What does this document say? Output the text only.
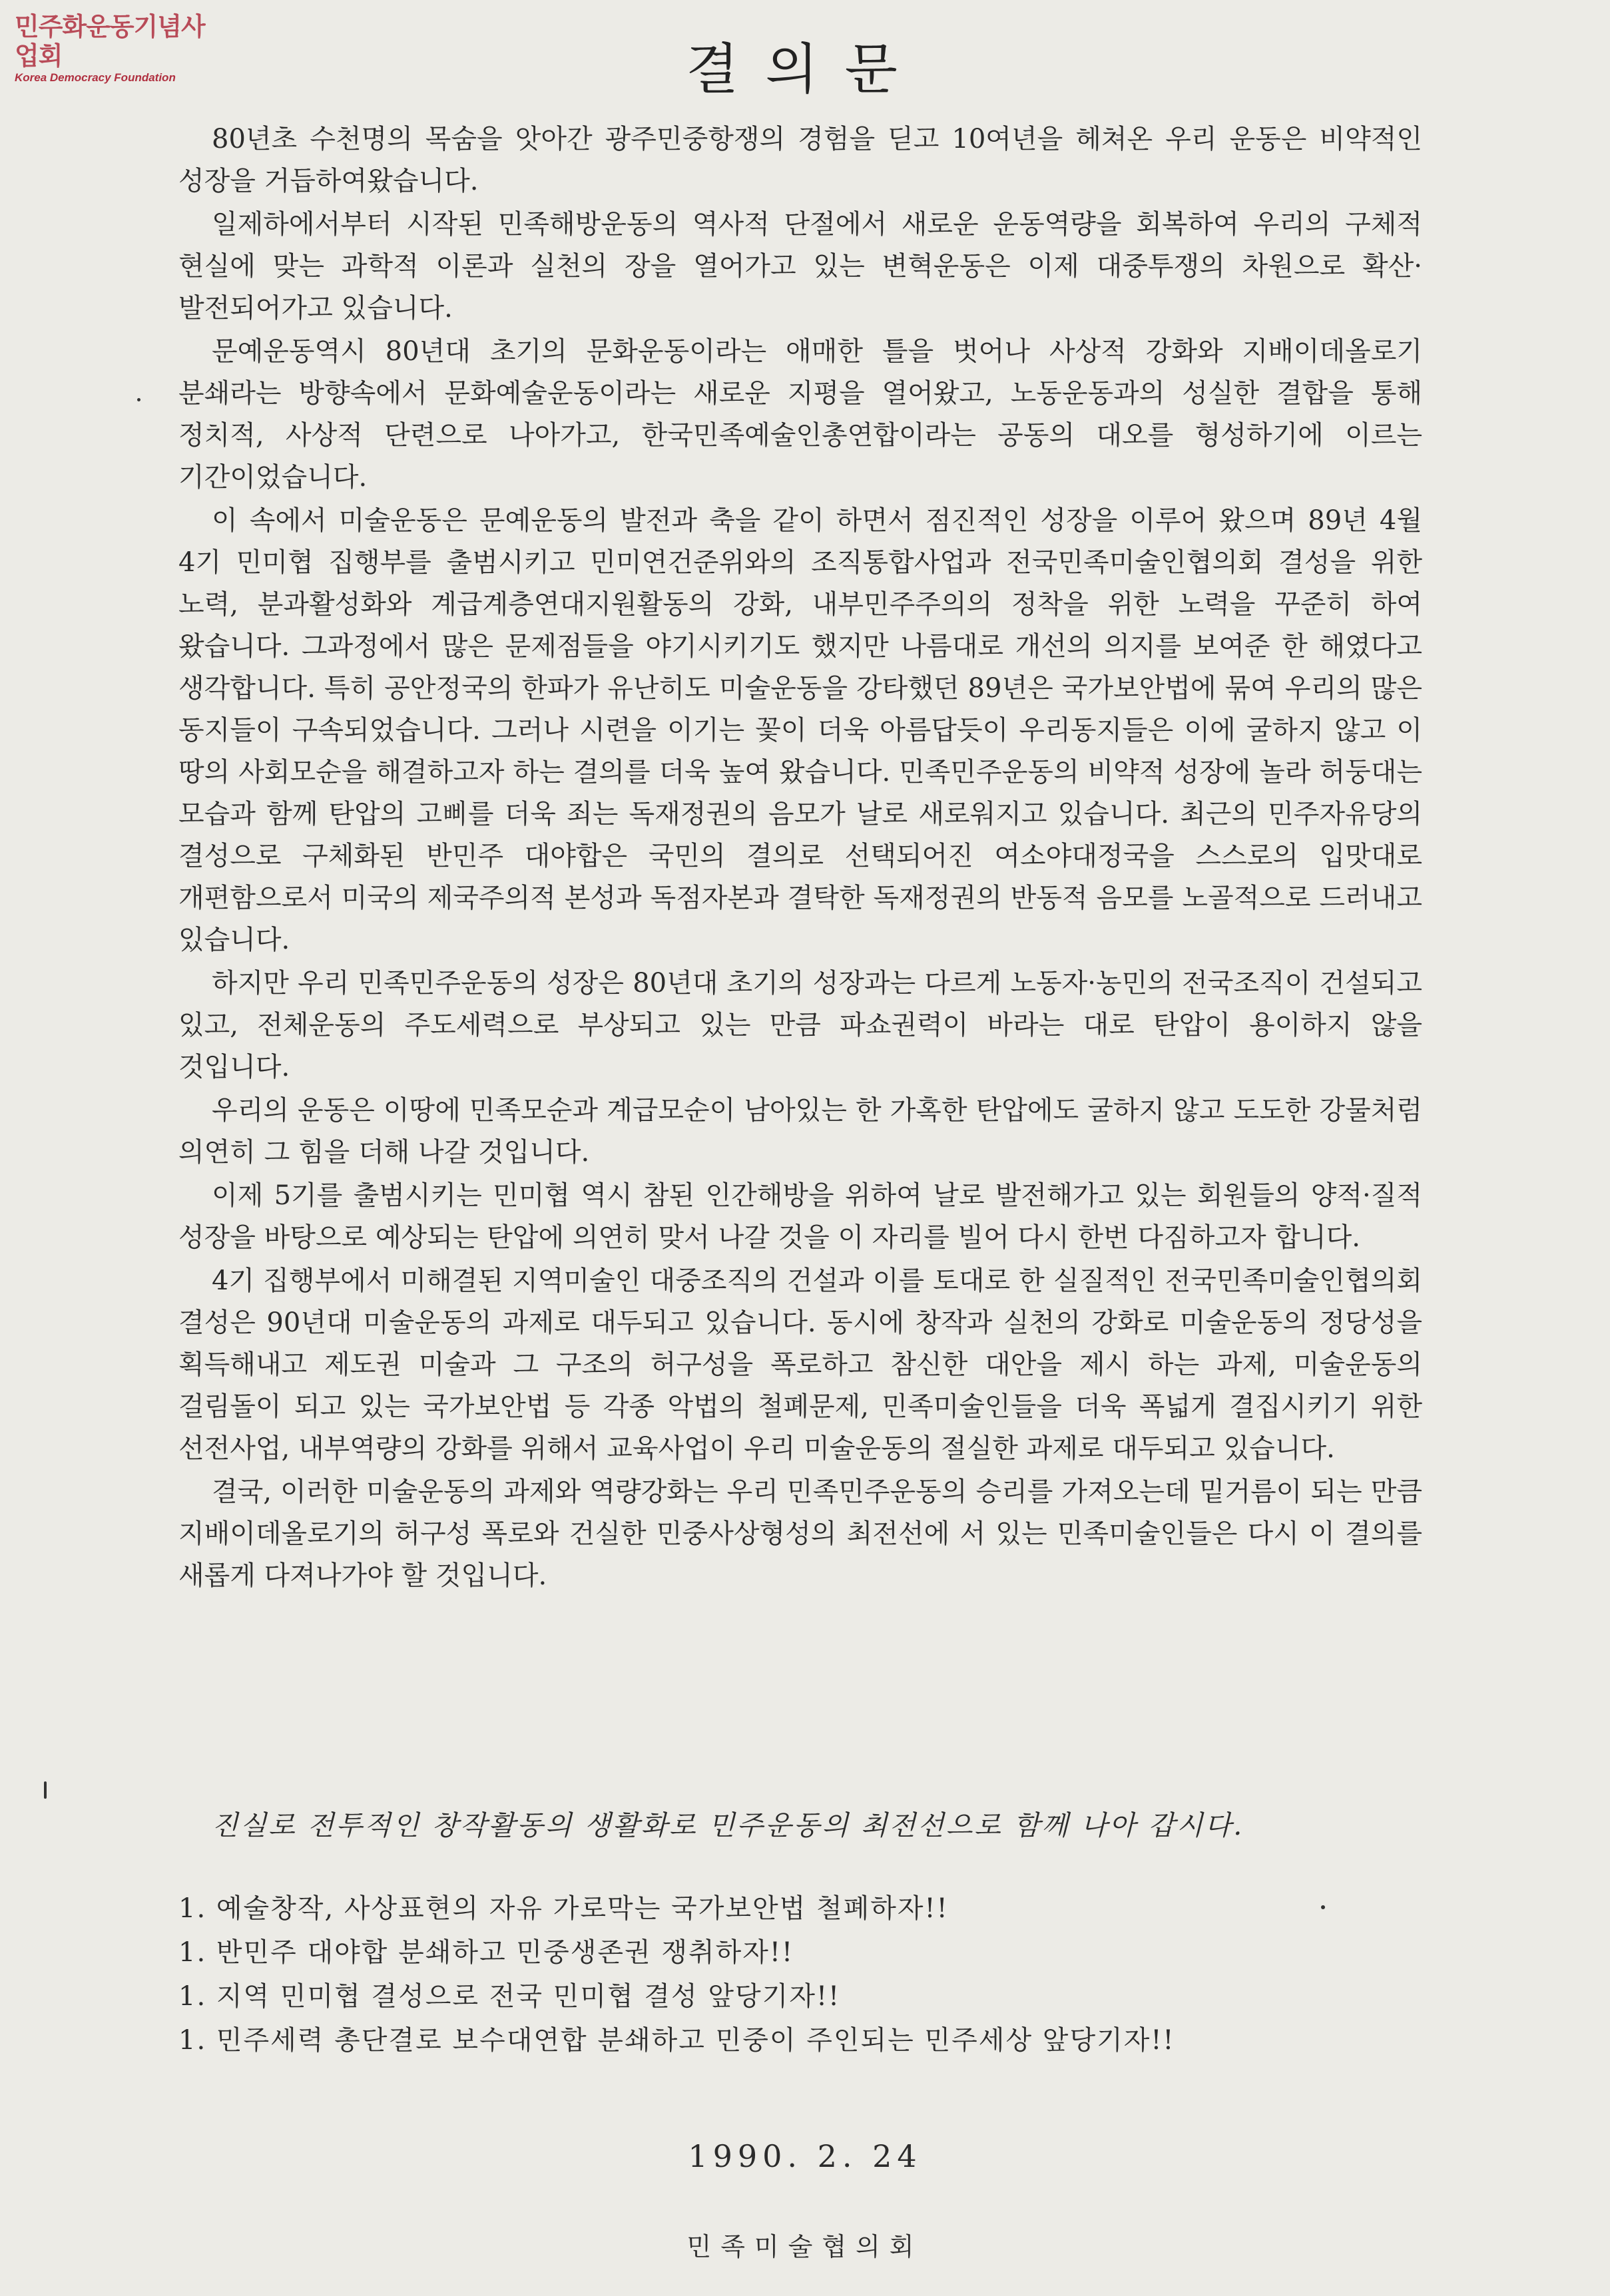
민주화운동기념사업회
Korea Democracy Foundation	결의문

80년초 수천명의 목숨을 앗아간 광주민중항쟁의 경험을 딛고 10여년을 헤쳐온 우리 운동은 비약적인 성장을 거듭하여왔습니다.

일제하에서부터 시작된 민족해방운동의 역사적 단절에서 새로운 운동역량을 회복하여 우리의 구체적 현실에 맞는 과학적 이론과 실천의 장을 열어가고 있는 변혁운동은 이제 대중투쟁의 차원으로 확산·발전되어가고 있습니다.

문예운동역시 80년대 초기의 문화운동이라는 애매한 틀을 벗어나 사상적 강화와 지배이데올로기 분쇄라는 방향속에서 문화예술운동이라는 새로운 지평을 열어왔고, 노동운동과의 성실한 결합을 통해 정치적, 사상적 단련으로 나아가고, 한국민족예술인총연합이라는 공동의 대오를 형성하기에 이르는 기간이었습니다.

이 속에서 미술운동은 문예운동의 발전과 축을 같이 하면서 점진적인 성장을 이루어 왔으며 89년 4월 4기 민미협 집행부를 출범시키고 민미연건준위와의 조직통합사업과 전국민족미술인협의회 결성을 위한 노력, 분과활성화와 계급계층연대지원활동의 강화, 내부민주주의의 정착을 위한 노력을 꾸준히 하여 왔습니다. 그과정에서 많은 문제점들을 야기시키기도 했지만 나름대로 개선의 의지를 보여준 한 해였다고 생각합니다. 특히 공안정국의 한파가 유난히도 미술운동을 강타했던 89년은 국가보안법에 묶여 우리의 많은 동지들이 구속되었습니다. 그러나 시련을 이기는 꽃이 더욱 아름답듯이 우리동지들은 이에 굴하지 않고 이 땅의 사회모순을 해결하고자 하는 결의를 더욱 높여 왔습니다. 민족민주운동의 비약적 성장에 놀라 허둥대는 모습과 함께 탄압의 고삐를 더욱 죄는 독재정권의 음모가 날로 새로워지고 있습니다. 최근의 민주자유당의 결성으로 구체화된 반민주 대야합은 국민의 결의로 선택되어진 여소야대정국을 스스로의 입맛대로 개편함으로서 미국의 제국주의적 본성과 독점자본과 결탁한 독재정권의 반동적 음모를 노골적으로 드러내고 있습니다.

하지만 우리 민족민주운동의 성장은 80년대 초기의 성장과는 다르게 노동자·농민의 전국조직이 건설되고 있고, 전체운동의 주도세력으로 부상되고 있는 만큼 파쇼권력이 바라는 대로 탄압이 용이하지 않을 것입니다.

우리의 운동은 이땅에 민족모순과 계급모순이 남아있는 한 가혹한 탄압에도 굴하지 않고 도도한 강물처럼 의연히 그 힘을 더해 나갈 것입니다.

이제 5기를 출범시키는 민미협 역시 참된 인간해방을 위하여 날로 발전해가고 있는 회원들의 양적·질적 성장을 바탕으로 예상되는 탄압에 의연히 맞서 나갈 것을 이 자리를 빌어 다시 한번 다짐하고자 합니다.

4기 집행부에서 미해결된 지역미술인 대중조직의 건설과 이를 토대로 한 실질적인 전국민족미술인협의회 결성은 90년대 미술운동의 과제로 대두되고 있습니다. 동시에 창작과 실천의 강화로 미술운동의 정당성을 획득해내고 제도권 미술과 그 구조의 허구성을 폭로하고 참신한 대안을 제시 하는 과제, 미술운동의 걸림돌이 되고 있는 국가보안법 등 각종 악법의 철폐문제, 민족미술인들을 더욱 폭넓게 결집시키기 위한 선전사업, 내부역량의 강화를 위해서 교육사업이 우리 미술운동의 절실한 과제로 대두되고 있습니다.

결국, 이러한 미술운동의 과제와 역량강화는 우리 민족민주운동의 승리를 가져오는데 밑거름이 되는 만큼 지배이데올로기의 허구성 폭로와 건실한 민중사상형성의 최전선에 서 있는 민족미술인들은 다시 이 결의를 새롭게 다져나가야 할 것입니다.

진실로 전투적인 창작활동의 생활화로 민주운동의 최전선으로 함께 나아 갑시다.
1. 예술창작, 사상표현의 자유 가로막는 국가보안법 철폐하자!!
1. 반민주 대야합 분쇄하고 민중생존권 쟁취하자!!
1. 지역 민미협 결성으로 전국 민미협 결성 앞당기자!!
1. 민주세력 총단결로 보수대연합 분쇄하고 민중이 주인되는 민주세상 앞당기자!!
1990. 2. 24
민족미술협의회
